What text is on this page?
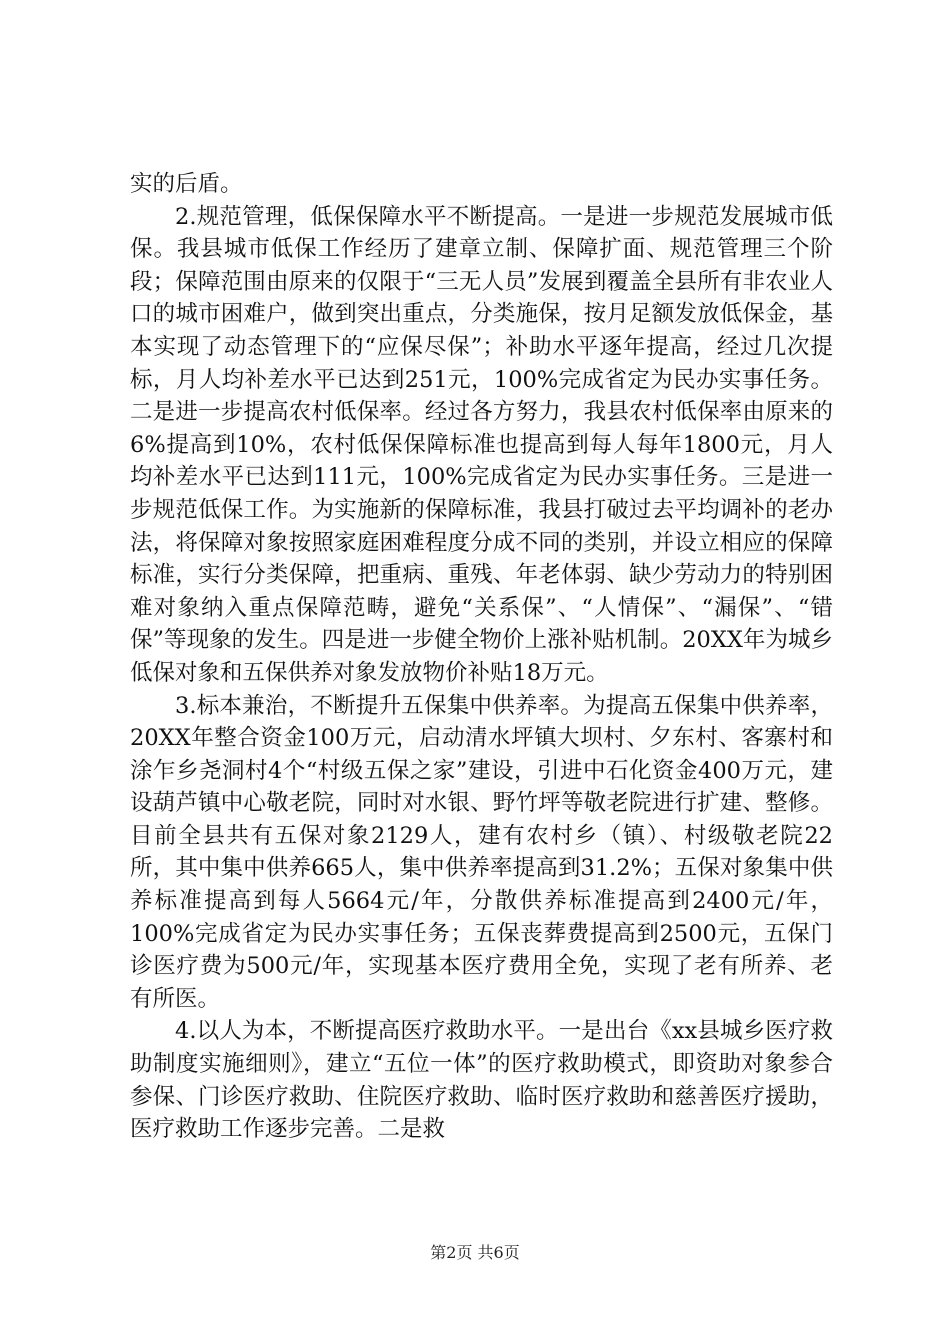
实的后盾。

2.规范管理，低保保障水平不断提高。一是进一步规范发展城市低保。我县城市低保工作经历了建章立制、保障扩面、规范管理三个阶段；保障范围由原来的仅限于“三无人员”发展到覆盖全县所有非农业人口的城市困难户，做到突出重点，分类施保，按月足额发放低保金，基本实现了动态管理下的“应保尽保”；补助水平逐年提高，经过几次提标，月人均补差水平已达到251元，100%完成省定为民办实事任务。二是进一步提高农村低保率。经过各方努力，我县农村低保率由原来的6%提高到10%，农村低保保障标准也提高到每人每年1800元，月人均补差水平已达到111元，100%完成省定为民办实事任务。三是进一步规范低保工作。为实施新的保障标准，我县打破过去平均调补的老办法，将保障对象按照家庭困难程度分成不同的类别，并设立相应的保障标准，实行分类保障，把重病、重残、年老体弱、缺少劳动力的特别困难对象纳入重点保障范畴，避免“关系保”、“人情保”、“漏保”、“错保”等现象的发生。四是进一步健全物价上涨补贴机制。20XX年为城乡低保对象和五保供养对象发放物价补贴18万元。

3.标本兼治，不断提升五保集中供养率。为提高五保集中供养率，20XX年整合资金100万元，启动清水坪镇大坝村、夕东村、客寨村和涂乍乡尧洞村4个“村级五保之家”建设，引进中石化资金400万元，建设葫芦镇中心敬老院，同时对水银、野竹坪等敬老院进行扩建、整修。目前全县共有五保对象2129人，建有农村乡（镇）、村级敬老院22所，其中集中供养665人，集中供养率提高到31.2%；五保对象集中供养标准提高到每人5664元/年，分散供养标准提高到2400元/年，100%完成省定为民办实事任务；五保丧葬费提高到2500元，五保门诊医疗费为500元/年，实现基本医疗费用全免，实现了老有所养、老有所医。

4.以人为本，不断提高医疗救助水平。一是出台《xx县城乡医疗救助制度实施细则》，建立“五位一体”的医疗救助模式，即资助对象参合参保、门诊医疗救助、住院医疗救助、临时医疗救助和慈善医疗援助，医疗救助工作逐步完善。二是救

第2页 共6页
